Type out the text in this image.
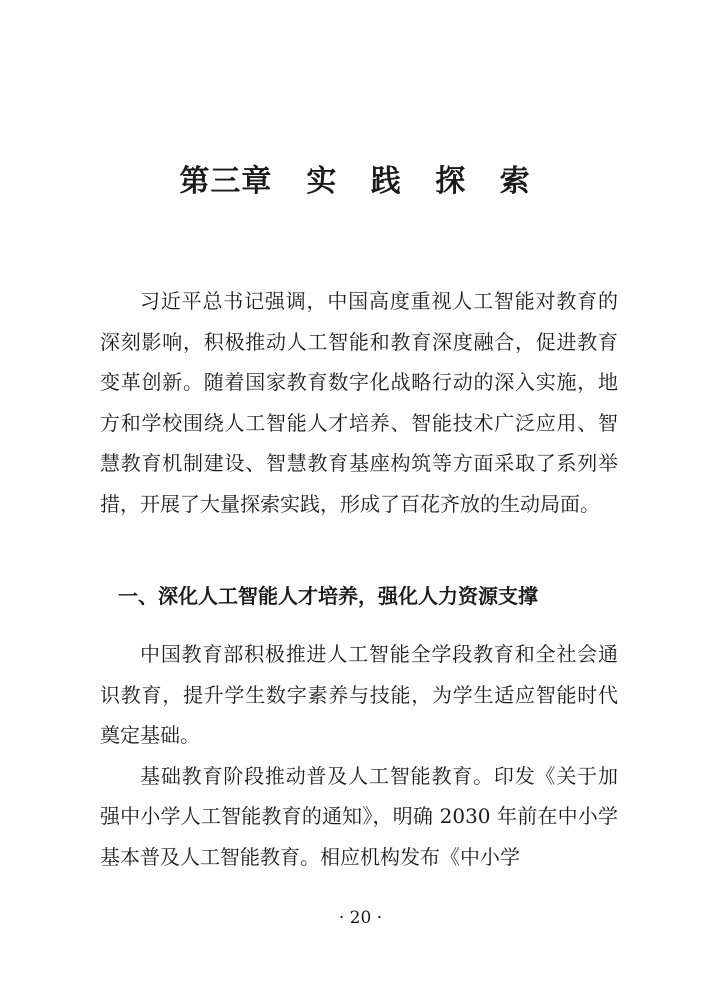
第三章 实 践 探 索

习近平总书记强调，中国高度重视人工智能对教育的深刻影响，积极推动人工智能和教育深度融合，促进教育变革创新。随着国家教育数字化战略行动的深入实施，地方和学校围绕人工智能人才培养、智能技术广泛应用、智慧教育机制建设、智慧教育基座构筑等方面采取了系列举措，开展了大量探索实践，形成了百花齐放的生动局面。

一、深化人工智能人才培养，强化人力资源支撑

中国教育部积极推进人工智能全学段教育和全社会通识教育，提升学生数字素养与技能，为学生适应智能时代奠定基础。

基础教育阶段推动普及人工智能教育。印发《关于加强中小学人工智能教育的通知》，明确 2030 年前在中小学基本普及人工智能教育。相应机构发布《中小学

· 20 ·
